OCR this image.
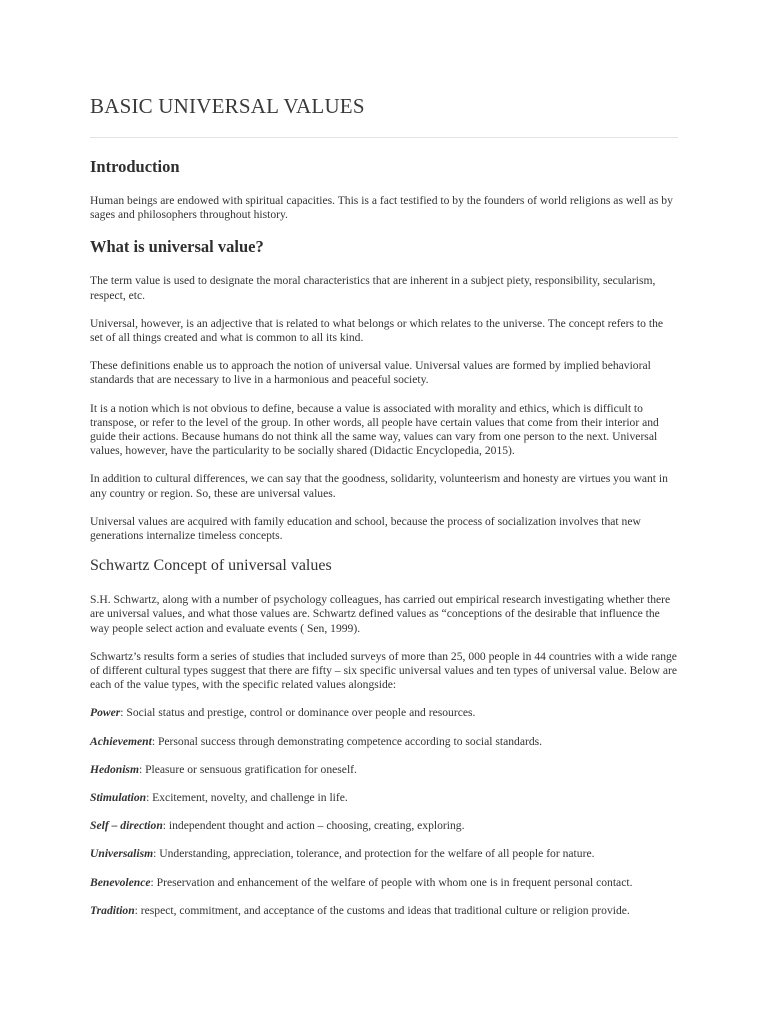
BASIC UNIVERSAL VALUES
Introduction

Human beings are endowed with spiritual capacities. This is a fact testified to by the founders of world religions as well as by sages and philosophers throughout history.

What is universal value?

The term value is used to designate the moral characteristics that are inherent in a subject piety, responsibility, secularism, respect, etc.

Universal, however, is an adjective that is related to what belongs or which relates to the universe. The concept refers to the set of all things created and what is common to all its kind.

These definitions enable us to approach the notion of universal value. Universal values are formed by implied behavioral standards that are necessary to live in a harmonious and peaceful society.

It is a notion which is not obvious to define, because a value is associated with morality and ethics, which is difficult to transpose, or refer to the level of the group. In other words, all people have certain values that come from their interior and guide their actions. Because humans do not think all the same way, values can vary from one person to the next. Universal values, however, have the particularity to be socially shared (Didactic Encyclopedia, 2015).

In addition to cultural differences, we can say that the goodness, solidarity, volunteerism and honesty are virtues you want in any country or region. So, these are universal values.

Universal values are acquired with family education and school, because the process of socialization involves that new generations internalize timeless concepts.

Schwartz Concept of universal values

S.H. Schwartz, along with a number of psychology colleagues, has carried out empirical research investigating whether there are universal values, and what those values are. Schwartz defined values as “conceptions of the desirable that influence the way people select action and evaluate events ( Sen, 1999).

Schwartz’s results form a series of studies that included surveys of more than 25, 000 people in 44 countries with a wide range of different cultural types suggest that there are fifty – six specific universal values and ten types of universal value. Below are each of the value types, with the specific related values alongside:

Power: Social status and prestige, control or dominance over people and resources.

Achievement: Personal success through demonstrating competence according to social standards.

Hedonism: Pleasure or sensuous gratification for oneself.

Stimulation: Excitement, novelty, and challenge in life.

Self – direction: independent thought and action – choosing, creating, exploring.

Universalism: Understanding, appreciation, tolerance, and protection for the welfare of all people for nature.

Benevolence: Preservation and enhancement of the welfare of people with whom one is in frequent personal contact.

Tradition: respect, commitment, and acceptance of the customs and ideas that traditional culture or religion provide.
